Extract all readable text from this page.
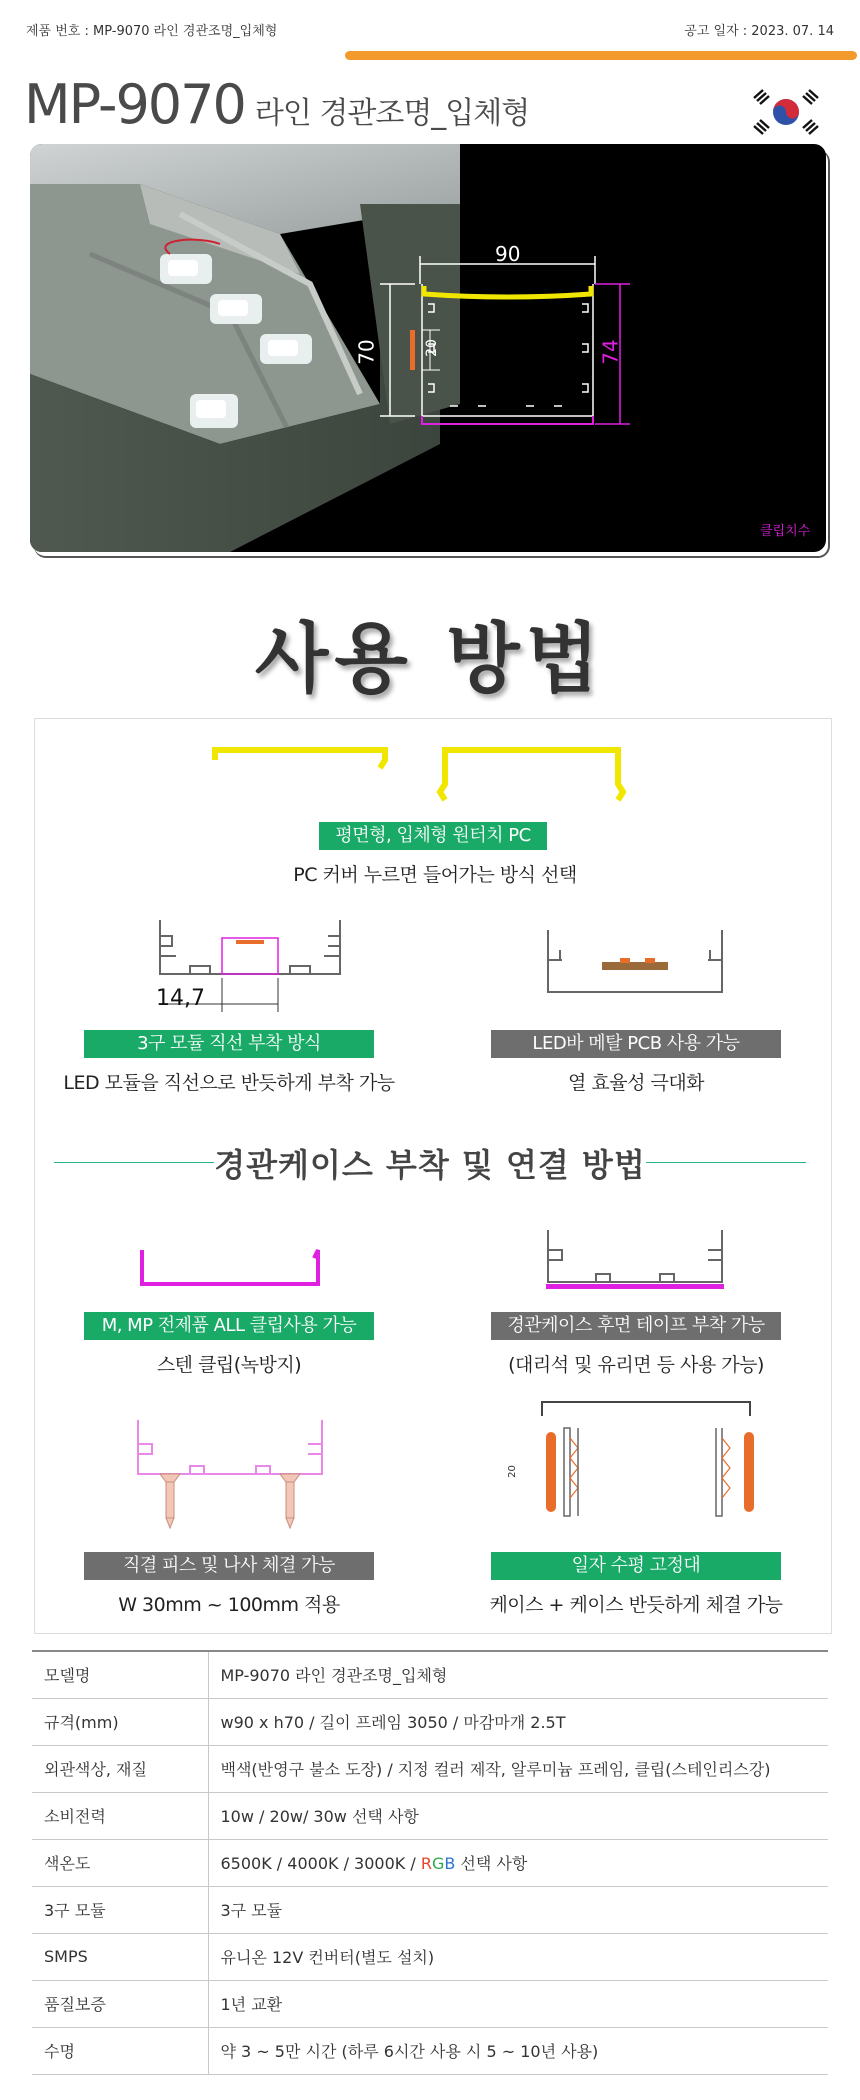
제품 번호 : MP-9070 라인 경관조명_입체형	공고 일자 : 2023. 07. 14
MP-9070 라인 경관조명_입체형
90
70	20	74
클립치수
사용 방법
평면형, 입체형 원터치 PC
PC 커버 누르면 들어가는 방식 선택
14,7
3구 모듈 직선 부착 방식
LED 모듈을 직선으로 반듯하게 부착 가능
LED바 메탈 PCB 사용 가능
열 효율성 극대화
경관케이스 부착 및 연결 방법
M, MP 전제품 ALL 클립사용 가능
스텐 클립(녹방지)
경관케이스 후면 테이프 부착 가능
(대리석 및 유리면 등 사용 가능)
직결 피스 및 나사 체결 가능
W 30mm ~ 100mm 적용
20
일자 수평 고정대
케이스 + 케이스 반듯하게 체결 가능
모델명	MP-9070 라인 경관조명_입체형
규격(mm)	w90 x h70 / 길이 프레임 3050 / 마감마개 2.5T
외관색상, 재질	백색(반영구 불소 도장) / 지정 컬러 제작, 알루미늄 프레임, 클립(스테인리스강)
소비전력	10w / 20w/ 30w 선택 사항
색온도	6500K / 4000K / 3000K / RGB 선택 사항
3구 모듈	3구 모듈
SMPS	유니온 12V 컨버터(별도 설치)
품질보증	1년 교환
수명	약 3 ~ 5만 시간 (하루 6시간 사용 시 5 ~ 10년 사용)
